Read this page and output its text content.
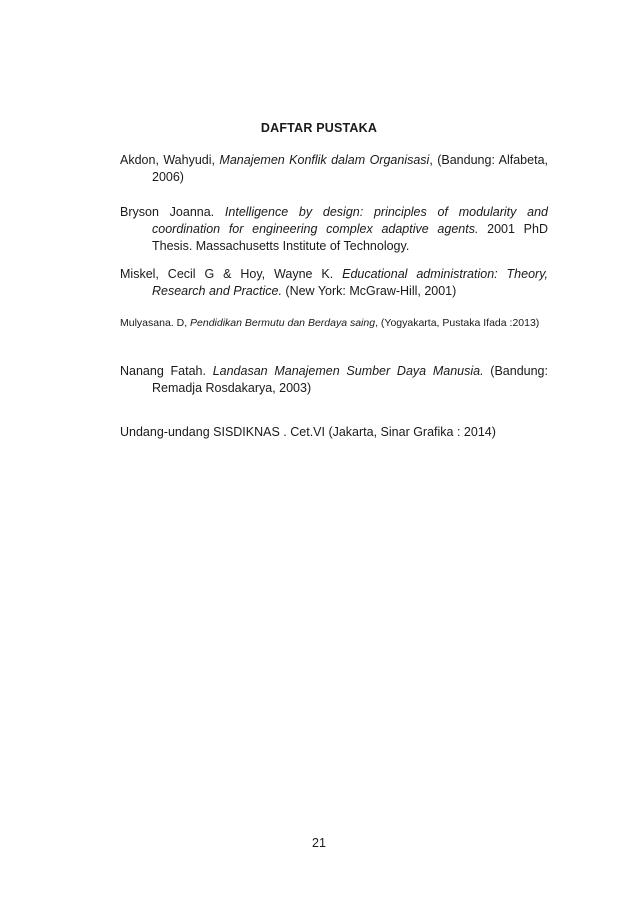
DAFTAR PUSTAKA
Akdon, Wahyudi, Manajemen Konflik dalam Organisasi, (Bandung: Alfabeta, 2006)
Bryson Joanna. Intelligence by design: principles of modularity and coordination for engineering complex adaptive agents. 2001 PhD Thesis. Massachusetts Institute of Technology.
Miskel, Cecil G & Hoy, Wayne K. Educational administration: Theory, Research and Practice. (New York: McGraw-Hill, 2001)
Mulyasana. D, Pendidikan Bermutu dan Berdaya saing, (Yogyakarta, Pustaka Ifada :2013)
Nanang Fatah. Landasan Manajemen Sumber Daya Manusia. (Bandung: Remadja Rosdakarya, 2003)
Undang-undang SISDIKNAS . Cet.VI (Jakarta, Sinar Grafika : 2014)
21
